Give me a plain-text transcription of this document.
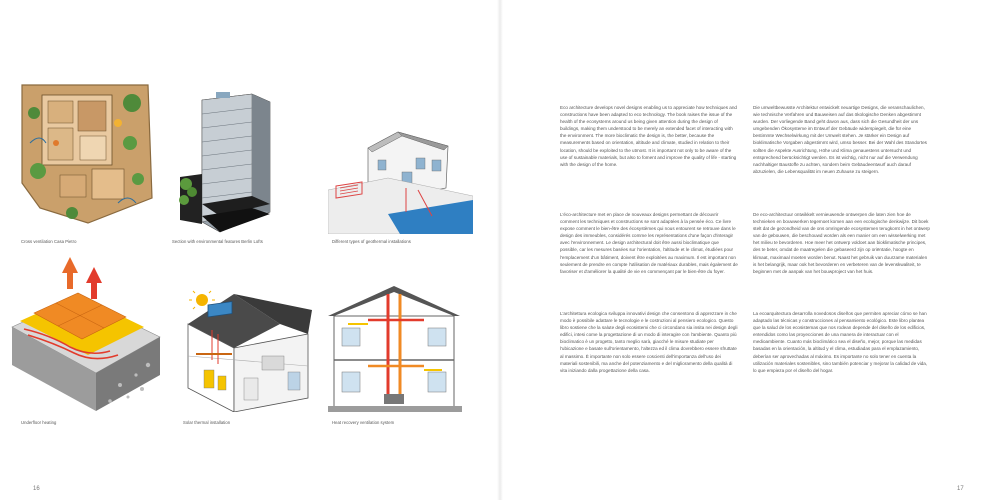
Cross ventilation Casa Pietro	Section with environmental features Berlin Lofts	Different types of geothermal installations
Underfloor heating	Solar thermal installation	Heat recovery ventilation system

Eco architecture develops novel designs enabling us to appreciate how techniques and constructions have been adapted to eco technology. The book raises the issue of the health of the ecosystems around us being given attention during the design of buildings, making them understood to be merely an extended facet of interacting with the environment. The more bioclimatic the design is, the better, because the measurements based on orientation, altitude and climate, studied in relation to their location, should be exploited to the utmost. It is important not only to be aware of the use of sustainable materials, but also to foment and improve the quality of life - starting with the design of the home.

Die umweltbewusste Architektur entwickelt neuartige Designs, die veranschaulichen, wie technische Verfahren und Bauweisen auf das ökologische Denken abgestimmt wurden. Der vorliegende Band geht davon aus, dass sich die Gesundheit der uns umgebenden Ökosysteme im Entwurf der Gebäude widerspiegelt, die für eine bestimmte Wechselwirkung mit der Umwelt stehen. Je stärker ein Design auf bioklimatische Vorgaben abgestimmt wird, umso besser. Bei der Wahl des Standortes sollten die Aspekte Ausrichtung, Höhe und Klima genauestens untersucht und entsprechend berücksichtigt werden. Es ist wichtig, nicht nur auf die Verwendung nachhaltiger Baustoffe zu achten, sondern beim Gebäudeentwurf auch darauf abzuzielen, die Lebensqualität im neuen Zuhause zu steigern.

L'éco-architecture met en place de nouveaux designs permettant de découvrir comment les techniques et constructions se sont adaptées à la pensée éco. Ce livre expose comment le bien-être des écosystèmes qui nous entourent se retrouve dans le design des immeubles, considérés comme les représentations d'une façon d'interagir avec l'environnement. Le design architectural doit être aussi bioclimatique que possible, car les mesures basées sur l'orientation, l'altitude et le climat, étudiées pour l'emplacement d'un bâtiment, doivent être exploitées au maximum. Il est important non seulement de prendre en compte l'utilisation de matériaux durables, mais également de favoriser et d'améliorer la qualité de vie en commençant par le bien-être du foyer.

De eco-architectuur ontwikkelt vernieuwende ontwerpen die laten zien hoe de technieken en bouwwerken tegemoet komen aan een ecologische denkwijze. Dit boek stelt dat de gezondheid van de ons omringende ecosystemen terugkomt in het ontwerp van de gebouwen, die beschouwd worden als een manier om een wisselwerking met het milieu te bevorderen. Hoe meer het ontwerp voldoet aan bioklimatische principes, des te beter, omdat de maatregelen die gebaseerd zijn op oriëntatie, hoogte en klimaat, maximaal moeten worden benut. Naast het gebruik van duurzame materialen is het belangrijk, maar ook het bevorderen en verbeteren van de levenskwaliteit, te beginnen met de aanpak van het bouwproject van het huis.

L'architettura ecologica sviluppa innovativi design che consentono di apprezzare in che modo è possibile adattare le tecnologie e le costruzioni al pensiero ecologico. Questo libro sostiene che la salute degli ecosistemi che ci circondano sia insita nei design degli edifici, intesi come la progettazione di un modo di interagire con l'ambiente. Quanto più bioclimatico è un progetto, tanto meglio sarà, giacché le misure studiate per l'ubicazione e basate sull'orientamento, l'altezza ed il clima dovrebbero essere sfruttate al massimo. È importante non solo essere coscienti dell'importanza dell'uso dei materiali sostenibili, ma anche del potenziamento e del miglioramento della qualità di vita iniziando dalla progettazione della casa.

La ecoarquitectura desarrolla novedosos diseños que permiten apreciar cómo se han adaptado las técnicas y construcciones al pensamiento ecológico. Este libro plantea que la salud de los ecosistemas que nos rodean depende del diseño de los edificios, entendidos como las proyecciones de una manera de interactuar con el medioambiente. Cuanto más bioclimático sea el diseño, mejor, porque las medidas basadas en la orientación, la altitud y el clima, estudiadas para el emplazamiento, deberían ser aprovechadas al máximo. Es importante no solo tener en cuenta la utilización materiales sostenibles, sino también potenciar y mejorar la calidad de vida, lo que empieza por el diseño del hogar.

16	17
